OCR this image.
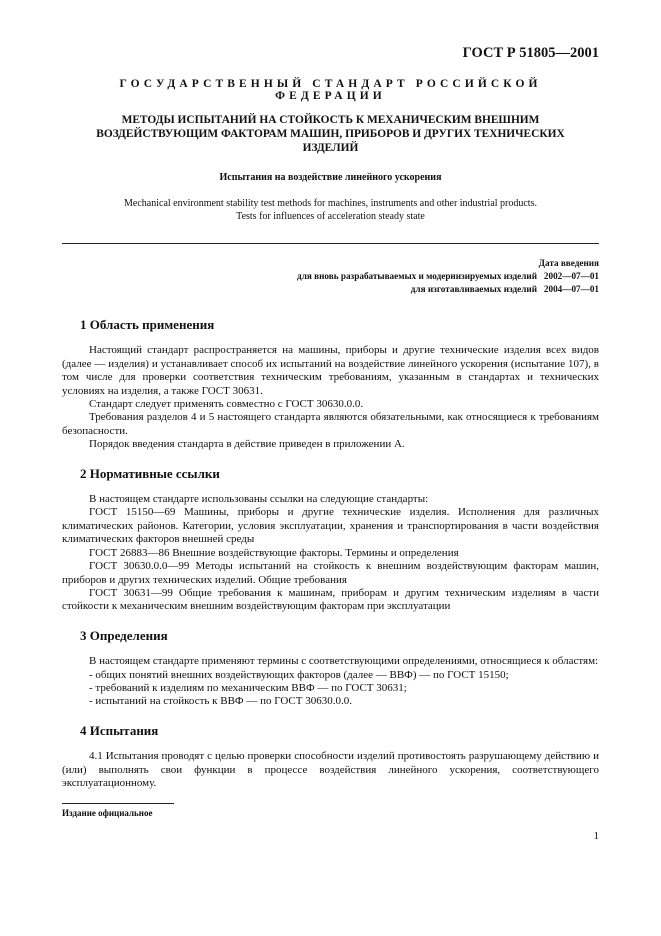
ГОСТ Р 51805—2001
ГОСУДАРСТВЕННЫЙ СТАНДАРТ РОССИЙСКОЙ ФЕДЕРАЦИИ
МЕТОДЫ ИСПЫТАНИЙ НА СТОЙКОСТЬ К МЕХАНИЧЕСКИМ ВНЕШНИМ ВОЗДЕЙСТВУЮЩИМ ФАКТОРАМ МАШИН, ПРИБОРОВ И ДРУГИХ ТЕХНИЧЕСКИХ ИЗДЕЛИЙ
Испытания на воздействие линейного ускорения
Mechanical environment stability test methods for machines, instruments and other industrial products.
Tests for influences of acceleration steady state
Дата введения
для вновь разрабатываемых и модернизируемых изделий 2002—07—01
для изготавливаемых изделий 2004—07—01
1 Область применения

Настоящий стандарт распространяется на машины, приборы и другие технические изделия всех видов (далее — изделия) и устанавливает способ их испытаний на воздействие линейного ускорения (испытание 107), в том числе для проверки соответствия техническим требованиям, указанным в стандартах и технических условиях на изделия, а также ГОСТ 30631.

Стандарт следует применять совместно с ГОСТ 30630.0.0.

Требования разделов 4 и 5 настоящего стандарта являются обязательными, как относящиеся к требованиям безопасности.

Порядок введения стандарта в действие приведен в приложении А.

2 Нормативные ссылки

В настоящем стандарте использованы ссылки на следующие стандарты:

ГОСТ 15150—69 Машины, приборы и другие технические изделия. Исполнения для различных климатических районов. Категории, условия эксплуатации, хранения и транспортирования в части воздействия климатических факторов внешней среды

ГОСТ 26883—86 Внешние воздействующие факторы. Термины и определения

ГОСТ 30630.0.0—99 Методы испытаний на стойкость к внешним воздействующим факторам машин, приборов и других технических изделий. Общие требования

ГОСТ 30631—99 Общие требования к машинам, приборам и другим техническим изделиям в части стойкости к механическим внешним воздействующим факторам при эксплуатации

3 Определения

В настоящем стандарте применяют термины с соответствующими определениями, относящиеся к областям:

- общих понятий внешних воздействующих факторов (далее — ВВФ) — по ГОСТ 15150;

- требований к изделиям по механическим ВВФ — по ГОСТ 30631;

- испытаний на стойкость к ВВФ — по ГОСТ 30630.0.0.

4 Испытания

4.1 Испытания проводят с целью проверки способности изделий противостоять разрушающему действию и (или) выполнять свои функции в процессе воздействия линейного ускорения, соответствующего эксплуатационному.

Издание официальное
1
